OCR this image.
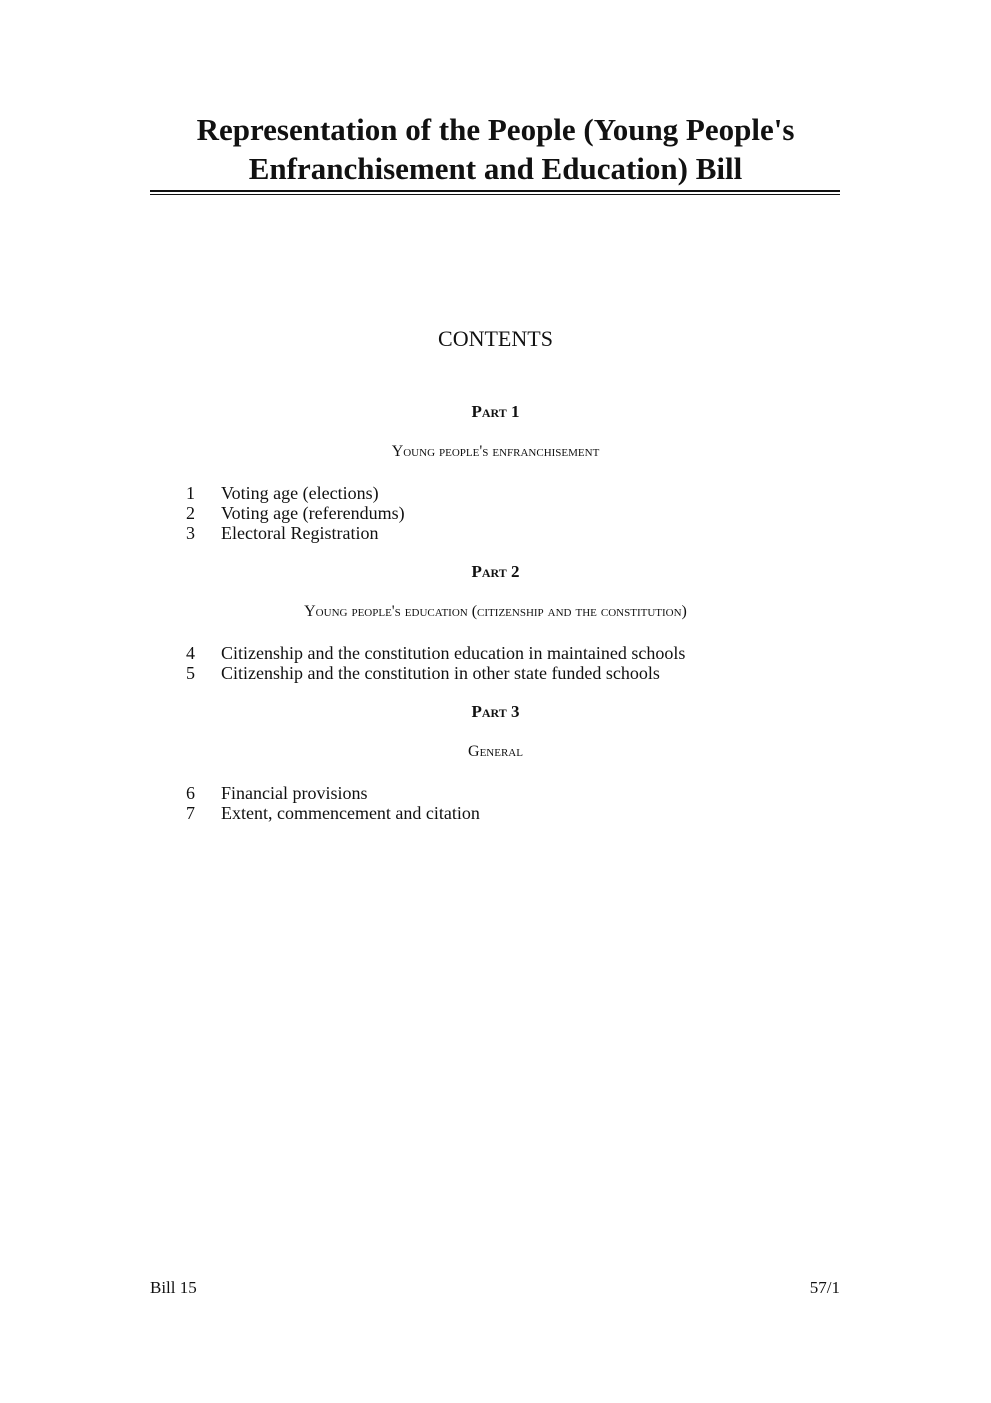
Representation of the People (Young People's
Enfranchisement and Education) Bill
CONTENTS
Part 1
Young people's enfranchisement
1	Voting age (elections)
2	Voting age (referendums)
3	Electoral Registration
Part 2
Young people's education (citizenship and the constitution)
4	Citizenship and the constitution education in maintained schools
5	Citizenship and the constitution in other state funded schools
Part 3
General
6	Financial provisions
7	Extent, commencement and citation
Bill 15	57/1
